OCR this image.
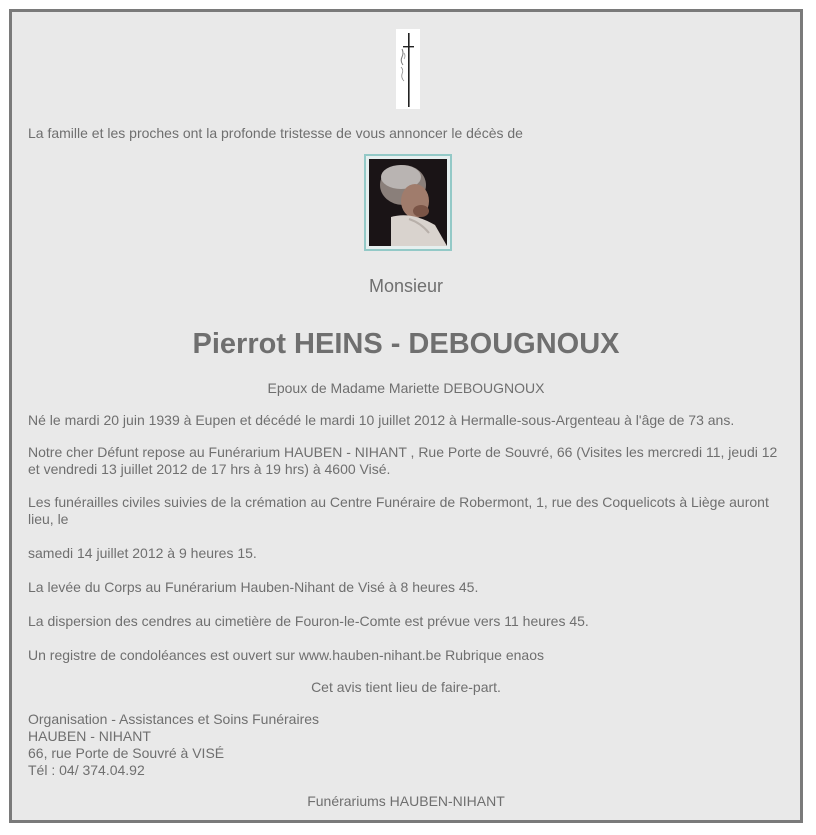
La famille et les proches ont la profonde tristesse de vous annoncer le décès de

Monsieur

Pierrot HEINS - DEBOUGNOUX

Epoux de Madame Mariette DEBOUGNOUX

Né le mardi 20 juin 1939 à Eupen et décédé le mardi 10 juillet 2012 à Hermalle-sous-Argenteau à l'âge de 73 ans.

Notre cher Défunt repose au Funérarium HAUBEN - NIHANT , Rue Porte de Souvré, 66 (Visites les mercredi 11, jeudi 12 et vendredi 13 juillet 2012 de 17 hrs à 19 hrs) à 4600 Visé.

Les funérailles civiles suivies de la crémation au Centre Funéraire de Robermont, 1, rue des Coquelicots à Liège auront lieu, le

samedi 14 juillet 2012 à 9 heures 15.

La levée du Corps au Funérarium Hauben-Nihant de Visé à 8 heures 45.

La dispersion des cendres au cimetière de Fouron-le-Comte est prévue vers 11 heures 45.

Un registre de condoléances est ouvert sur www.hauben-nihant.be Rubrique enaos

Cet avis tient lieu de faire-part.

Organisation - Assistances et Soins Funéraires
HAUBEN - NIHANT
66, rue Porte de Souvré à VISÉ
Tél : 04/ 374.04.92

Funérariums HAUBEN-NIHANT
